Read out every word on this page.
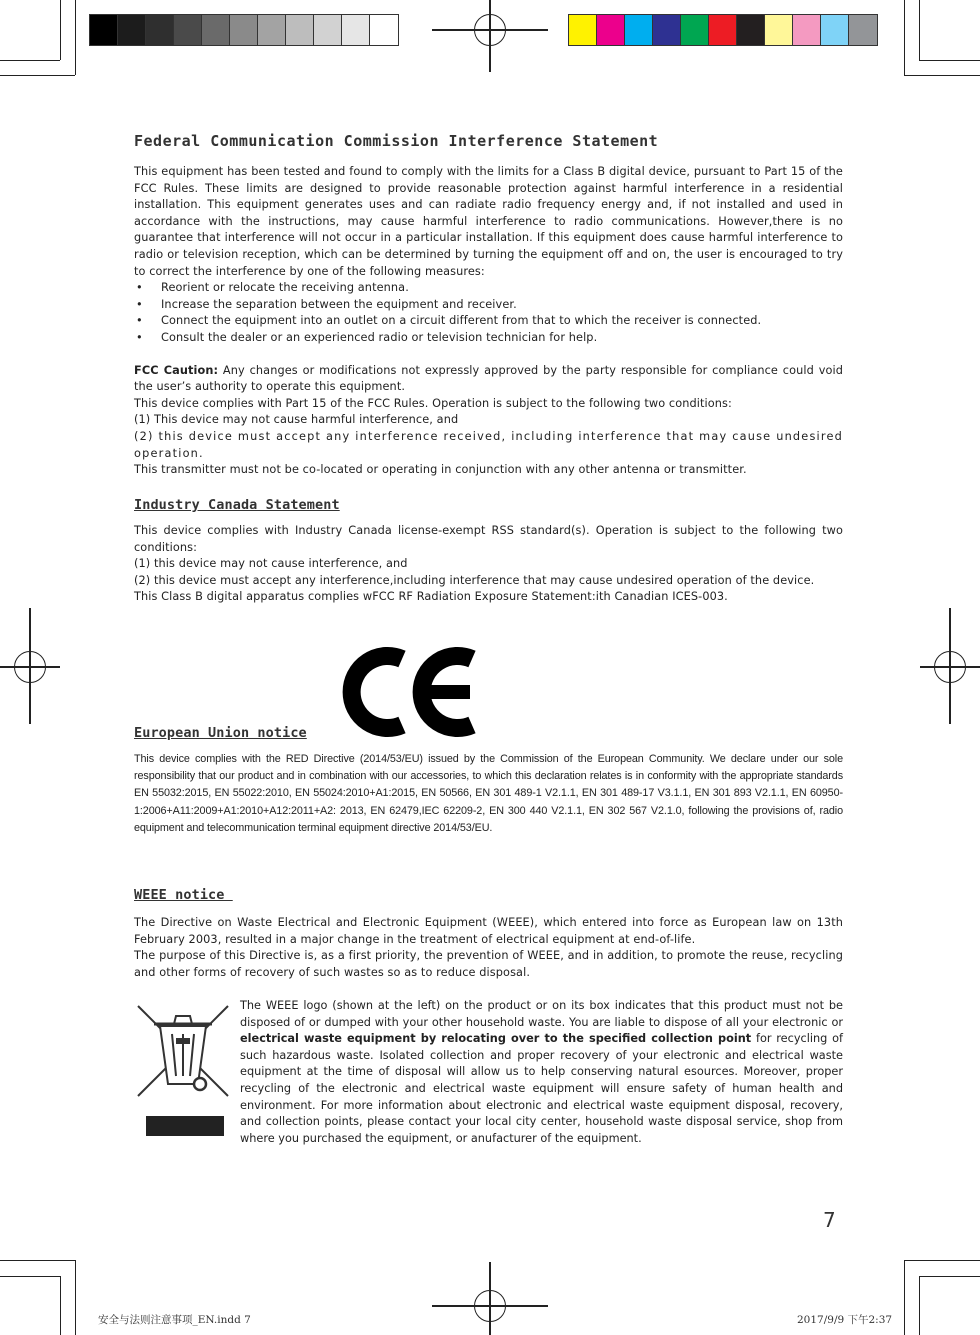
Federal Communication Commission Interference Statement

This equipment has been tested and found to comply with the limits for a Class B digital device, pursuant to Part 15 of the FCC Rules. These limits are designed to provide reasonable protection against harmful interference in a residential installation. This equipment generates uses and can radiate radio frequency energy and, if not installed and used in accordance with the instructions, may cause harmful interference to radio communications. However,there is no guarantee that interference will not occur in a particular installation. If this equipment does cause harmful interference to radio or television reception, which can be determined by turning the equipment off and on, the user is encouraged to try to correct the interference by one of the following measures:

• Reorient or relocate the receiving antenna.
• Increase the separation between the equipment and receiver.
• Connect the equipment into an outlet on a circuit different from that to which the receiver is connected.
• Consult the dealer or an experienced radio or television technician for help.

FCC Caution: Any changes or modifications not expressly approved by the party responsible for compliance could void the user’s authority to operate this equipment.

This device complies with Part 15 of the FCC Rules. Operation is subject to the following two conditions:

(1) This device may not cause harmful interference, and

(2) this device must accept any interference received, including interference that may cause undesired operation.

This transmitter must not be co-located or operating in conjunction with any other antenna or transmitter.

Industry Canada Statement

This device complies with Industry Canada license-exempt RSS standard(s). Operation is subject to the following two conditions:

(1) this device may not cause interference, and

(2) this device must accept any interference,including interference that may cause undesired operation of the device.

This Class B digital apparatus complies wFCC RF Radiation Exposure Statement:ith Canadian ICES-003.

European Union notice

This device complies with the RED Directive (2014/53/EU) issued by the Commission of the European Community. We declare under our sole responsibility that our product and in combination with our accessories, to which this declaration relates is in conformity with the appropriate standards EN 55032:2015, EN 55022:2010, EN 55024:2010+A1:2015, EN 50566, EN 301 489-1 V2.1.1, EN 301 489-17 V3.1.1, EN 301 893 V2.1.1, EN 60950-1:2006+A11:2009+A1:2010+A12:2011+A2: 2013, EN 62479,IEC 62209-2, EN 300 440 V2.1.1, EN 302 567 V2.1.0, following the provisions of, radio equipment and telecommunication terminal equipment directive 2014/53/EU.

WEEE notice

The Directive on Waste Electrical and Electronic Equipment (WEEE), which entered into force as European law on 13th February 2003, resulted in a major change in the treatment of electrical equipment at end-of-life.

The purpose of this Directive is, as a first priority, the prevention of WEEE, and in addition, to promote the reuse, recycling and other forms of recovery of such wastes so as to reduce disposal.

The WEEE logo (shown at the left) on the product or on its box indicates that this product must not be disposed of or dumped with your other household waste. You are liable to dispose of all your electronic or electrical waste equipment by relocating over to the specified collection point for recycling of such hazardous waste. Isolated collection and proper recovery of your electronic and electrical waste equipment at the time of disposal will allow us to help conserving natural esources. Moreover, proper recycling of the electronic and electrical waste equipment will ensure safety of human health and environment. For more information about electronic and electrical waste equipment disposal, recovery, and collection points, please contact your local city center, household waste disposal service, shop from where you purchased the equipment, or anufacturer of the equipment.

7
安全与法则注意事项_EN.indd 7	2017/9/9 下午2:37
